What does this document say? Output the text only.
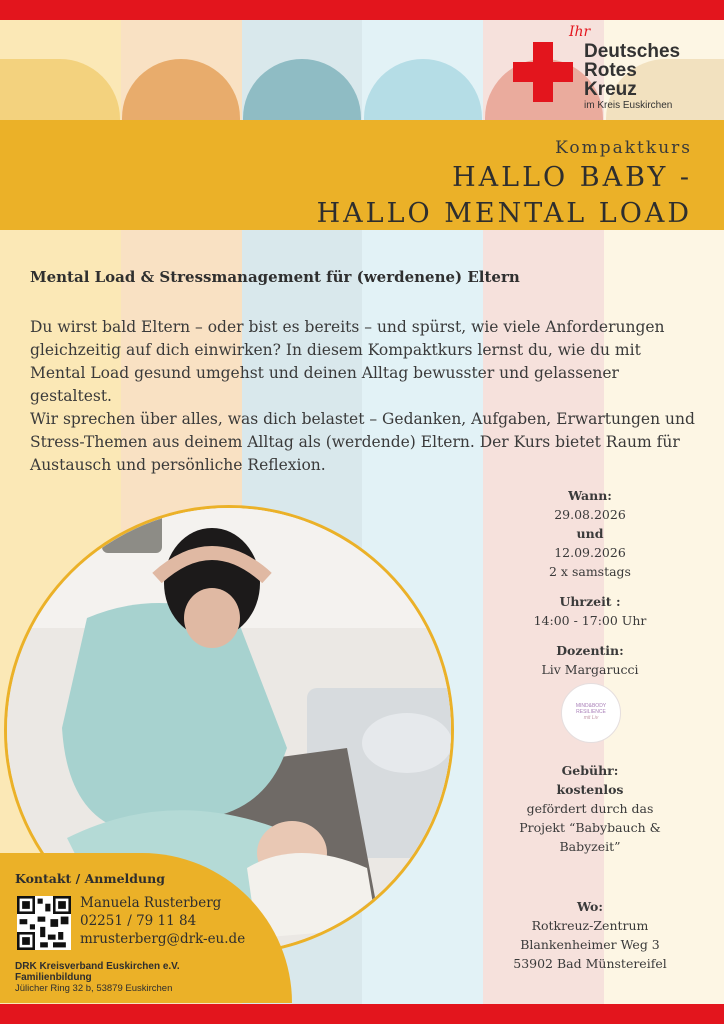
Ihr
Deutsches
Rotes
Kreuz
im Kreis Euskirchen
Kompaktkurs
HALLO BABY -
HALLO MENTAL LOAD
Mental Load & Stressmanagement für (werdenene) Eltern

Du wirst bald Eltern – oder bist es bereits – und spürst, wie viele Anforderungen gleichzeitig auf dich einwirken? In diesem Kompaktkurs lernst du, wie du mit Mental Load gesund umgehst und deinen Alltag bewusster und gelassener gestaltest.

Wir sprechen über alles, was dich belastet – Gedanken, Aufgaben, Erwartungen und Stress-Themen aus deinem Alltag als (werdende) Eltern. Der Kurs bietet Raum für Austausch und persönliche Reflexion.

Wann:
29.08.2026
und
12.09.2026
2 x samstags
Uhrzeit :
14:00 - 17:00 Uhr
Dozentin:
Liv Margarucci
MIND&BODY
RESILIENCE
mit Liv
Gebühr:
kostenlos
gefördert durch das
Projekt “Babybauch &
Babyzeit”
Wo:
Rotkreuz-Zentrum
Blankenheimer Weg 3
53902 Bad Münstereifel
Kontakt / Anmeldung
Manuela Rusterberg
02251 / 79 11 84
mrusterberg@drk-eu.de
DRK Kreisverband Euskirchen e.V.
Familienbildung
Jülicher Ring 32 b, 53879 Euskirchen
